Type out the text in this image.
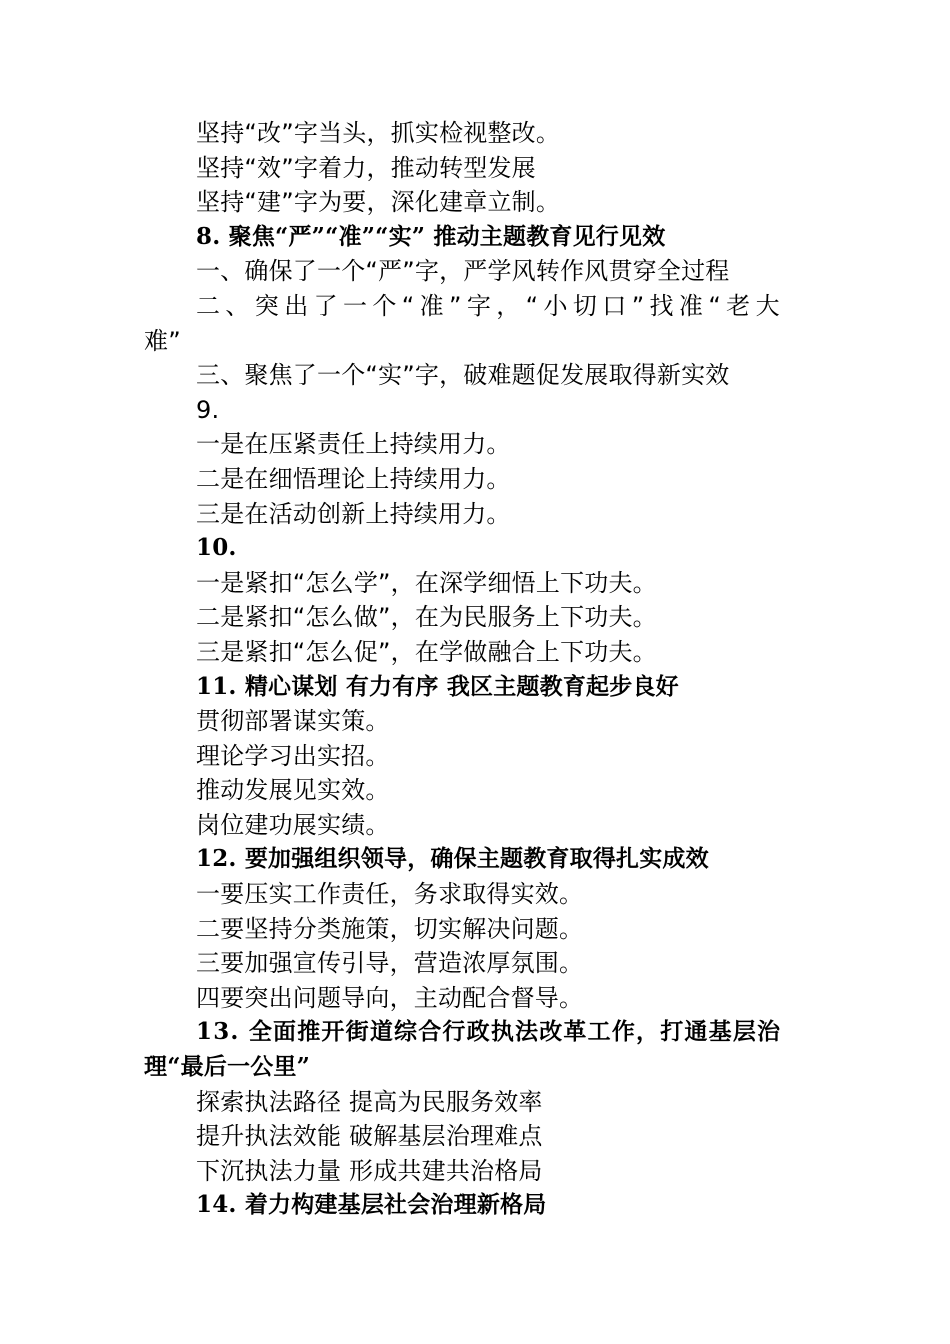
坚持“改”字当头，抓实检视整改。
坚持“效”字着力，推动转型发展
坚持“建”字为要，深化建章立制。
8. 聚焦“严”“准”“实” 推动主题教育见行见效
一、确保了一个“严”字，严学风转作风贯穿全过程
二、突出了一个“准”字，“小切口”找准“老大
难”
三、聚焦了一个“实”字，破难题促发展取得新实效
9.
一是在压紧责任上持续用力。
二是在细悟理论上持续用力。
三是在活动创新上持续用力。
10.
一是紧扣“怎么学”，在深学细悟上下功夫。
二是紧扣“怎么做”，在为民服务上下功夫。
三是紧扣“怎么促”，在学做融合上下功夫。
11. 精心谋划 有力有序 我区主题教育起步良好
贯彻部署谋实策。
理论学习出实招。
推动发展见实效。
岗位建功展实绩。
12. 要加强组织领导，确保主题教育取得扎实成效
一要压实工作责任，务求取得实效。
二要坚持分类施策，切实解决问题。
三要加强宣传引导，营造浓厚氛围。
四要突出问题导向，主动配合督导。
13. 全面推开街道综合行政执法改革工作，打通基层治
理“最后一公里”
探索执法路径 提高为民服务效率
提升执法效能 破解基层治理难点
下沉执法力量 形成共建共治格局
14. 着力构建基层社会治理新格局
